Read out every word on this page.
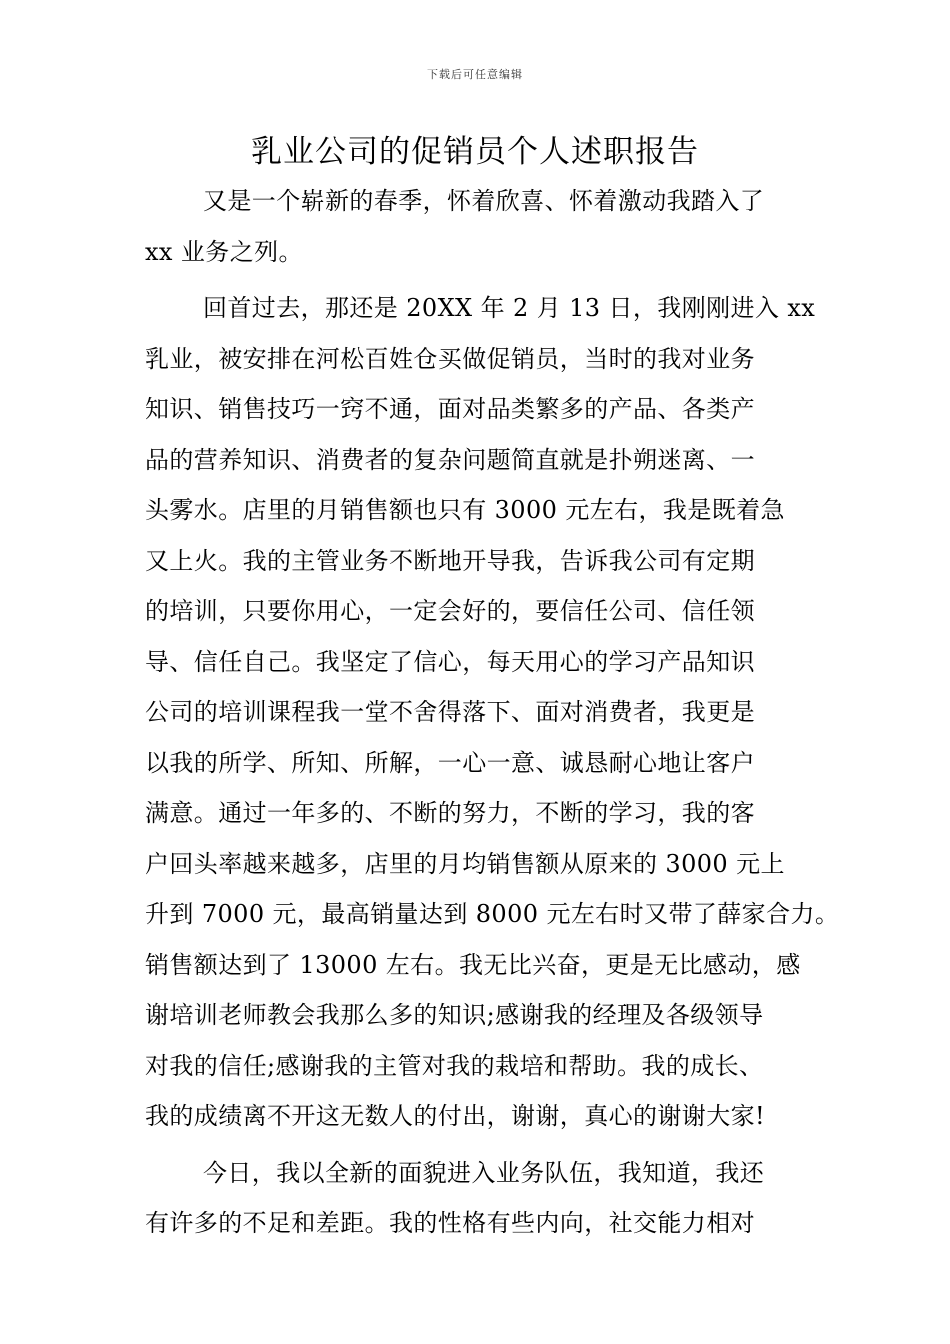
下载后可任意编辑
乳业公司的促销员个人述职报告
又是一个崭新的春季，怀着欣喜、怀着激动我踏入了
xx 业务之列。
回首过去，那还是 20XX 年 2 月 13 日，我刚刚进入 xx
乳业，被安排在河松百姓仓买做促销员，当时的我对业务
知识、销售技巧一窍不通，面对品类繁多的产品、各类产
品的营养知识、消费者的复杂问题简直就是扑朔迷离、一
头雾水。店里的月销售额也只有 3000 元左右，我是既着急
又上火。我的主管业务不断地开导我，告诉我公司有定期
的培训，只要你用心，一定会好的，要信任公司、信任领
导、信任自己。我坚定了信心，每天用心的学习产品知识
公司的培训课程我一堂不舍得落下、面对消费者，我更是
以我的所学、所知、所解，一心一意、诚恳耐心地让客户
满意。通过一年多的、不断的努力，不断的学习，我的客
户回头率越来越多，店里的月均销售额从原来的 3000 元上
升到 7000 元，最高销量达到 8000 元左右时又带了薛家合力。
销售额达到了 13000 左右。我无比兴奋，更是无比感动，感
谢培训老师教会我那么多的知识;感谢我的经理及各级领导
对我的信任;感谢我的主管对我的栽培和帮助。我的成长、
我的成绩离不开这无数人的付出，谢谢，真心的谢谢大家!
今日，我以全新的面貌进入业务队伍，我知道，我还
有许多的不足和差距。我的性格有些内向，社交能力相对
